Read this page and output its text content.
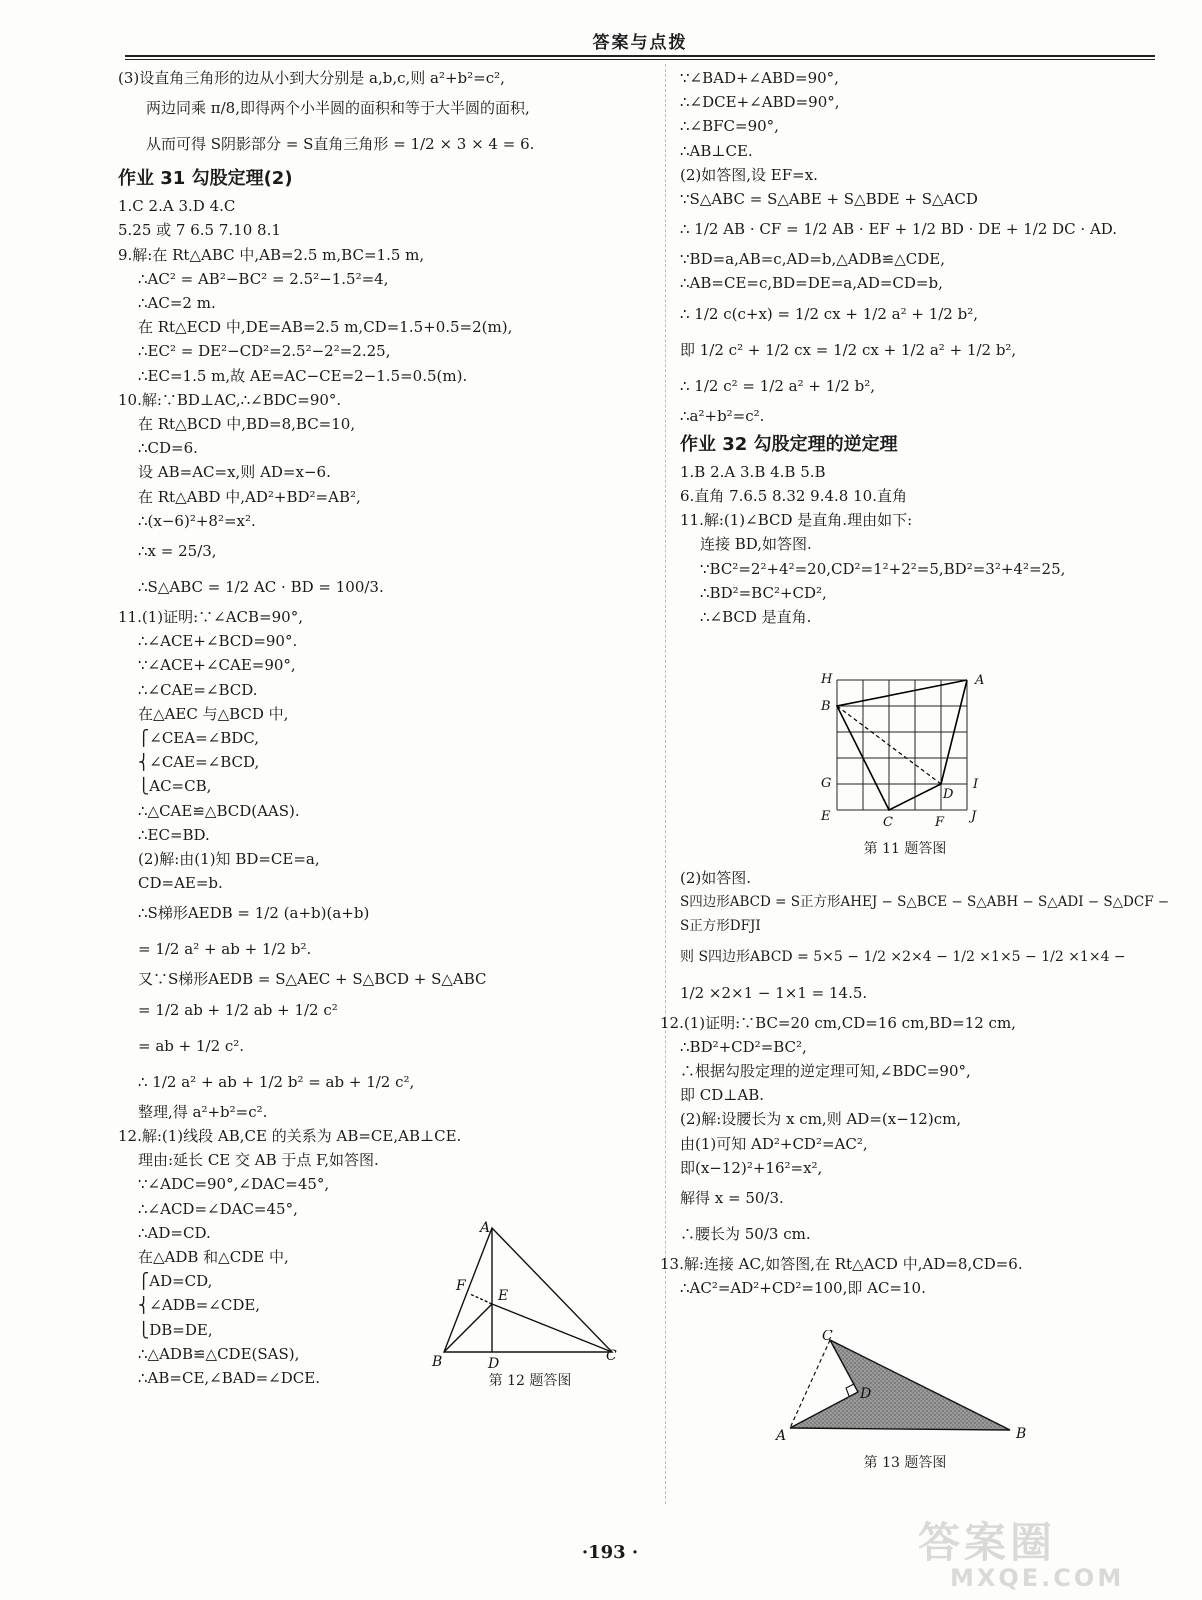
答案与点拨
(3)设直角三角形的边从小到大分别是 a,b,c,则 a²+b²=c²,
两边同乘 π/8,即得两个小半圆的面积和等于大半圆的面积,
从而可得 S阴影部分 = S直角三角形 = 1/2 × 3 × 4 = 6.
作业 31 勾股定理(2)
1.C 2.A 3.D 4.C
5.25 或 7 6.5 7.10 8.1
9.解:在 Rt△ABC 中,AB=2.5 m,BC=1.5 m,
∴AC² = AB²−BC² = 2.5²−1.5²=4,
∴AC=2 m.
在 Rt△ECD 中,DE=AB=2.5 m,CD=1.5+0.5=2(m),
∴EC² = DE²−CD²=2.5²−2²=2.25,
∴EC=1.5 m,故 AE=AC−CE=2−1.5=0.5(m).
10.解:∵BD⊥AC,∴∠BDC=90°.
在 Rt△BCD 中,BD=8,BC=10,
∴CD=6.
设 AB=AC=x,则 AD=x−6.
在 Rt△ABD 中,AD²+BD²=AB²,
∴(x−6)²+8²=x².
∴x = 25/3,
∴S△ABC = 1/2 AC · BD = 100/3.
11.(1)证明:∵∠ACB=90°,
∴∠ACE+∠BCD=90°.
∵∠ACE+∠CAE=90°,
∴∠CAE=∠BCD.
在△AEC 与△BCD 中,
⎧∠CEA=∠BDC,
⎨∠CAE=∠BCD,
⎩AC=CB,
∴△CAE≌△BCD(AAS).
∴EC=BD.
(2)解:由(1)知 BD=CE=a,
CD=AE=b.
∴S梯形AEDB = 1/2 (a+b)(a+b)
= 1/2 a² + ab + 1/2 b².
又∵S梯形AEDB = S△AEC + S△BCD + S△ABC
= 1/2 ab + 1/2 ab + 1/2 c²
= ab + 1/2 c².
∴ 1/2 a² + ab + 1/2 b² = ab + 1/2 c²,
整理,得 a²+b²=c².
12.解:(1)线段 AB,CE 的关系为 AB=CE,AB⊥CE.
理由:延长 CE 交 AB 于点 F,如答图.
∵∠ADC=90°,∠DAC=45°,
∴∠ACD=∠DAC=45°,
∴AD=CD.
在△ADB 和△CDE 中,
⎧AD=CD,
⎨∠ADB=∠CDE,
⎩DB=DE,
∴△ADB≌△CDE(SAS),
∴AB=CE,∠BAD=∠DCE.
A
F
E
B	D	C
第 12 题答图
∵∠BAD+∠ABD=90°,
∴∠DCE+∠ABD=90°,
∴∠BFC=90°,
∴AB⊥CE.
(2)如答图,设 EF=x.
∵S△ABC = S△ABE + S△BDE + S△ACD
∴ 1/2 AB · CF = 1/2 AB · EF + 1/2 BD · DE + 1/2 DC · AD.
∵BD=a,AB=c,AD=b,△ADB≌△CDE,
∴AB=CE=c,BD=DE=a,AD=CD=b,
∴ 1/2 c(c+x) = 1/2 cx + 1/2 a² + 1/2 b²,
即 1/2 c² + 1/2 cx = 1/2 cx + 1/2 a² + 1/2 b²,
∴ 1/2 c² = 1/2 a² + 1/2 b²,
∴a²+b²=c².
作业 32 勾股定理的逆定理
1.B 2.A 3.B 4.B 5.B
6.直角 7.6.5 8.32 9.4.8 10.直角
11.解:(1)∠BCD 是直角.理由如下:
连接 BD,如答图.
∵BC²=2²+4²=20,CD²=1²+2²=5,BD²=3²+4²=25,
∴BD²=BC²+CD²,
∴∠BCD 是直角.
H	A
B
G	I
D
E	C	F J
第 11 题答图
(2)如答图.
S四边形ABCD = S正方形AHEJ − S△BCE − S△ABH − S△ADI − S△DCF −
S正方形DFJI
则 S四边形ABCD = 5×5 − 1/2 ×2×4 − 1/2 ×1×5 − 1/2 ×1×4 −
1/2 ×2×1 − 1×1 = 14.5.
12.(1)证明:∵BC=20 cm,CD=16 cm,BD=12 cm,
∴BD²+CD²=BC²,
∴根据勾股定理的逆定理可知,∠BDC=90°,
即 CD⊥AB.
(2)解:设腰长为 x cm,则 AD=(x−12)cm,
由(1)可知 AD²+CD²=AC²,
即(x−12)²+16²=x²,
解得 x = 50/3.
∴腰长为 50/3 cm.
13.解:连接 AC,如答图,在 Rt△ACD 中,AD=8,CD=6.
∴AC²=AD²+CD²=100,即 AC=10.
C
D
A	B
第 13 题答图
·193 ·	答案圈
MXQE.COM
